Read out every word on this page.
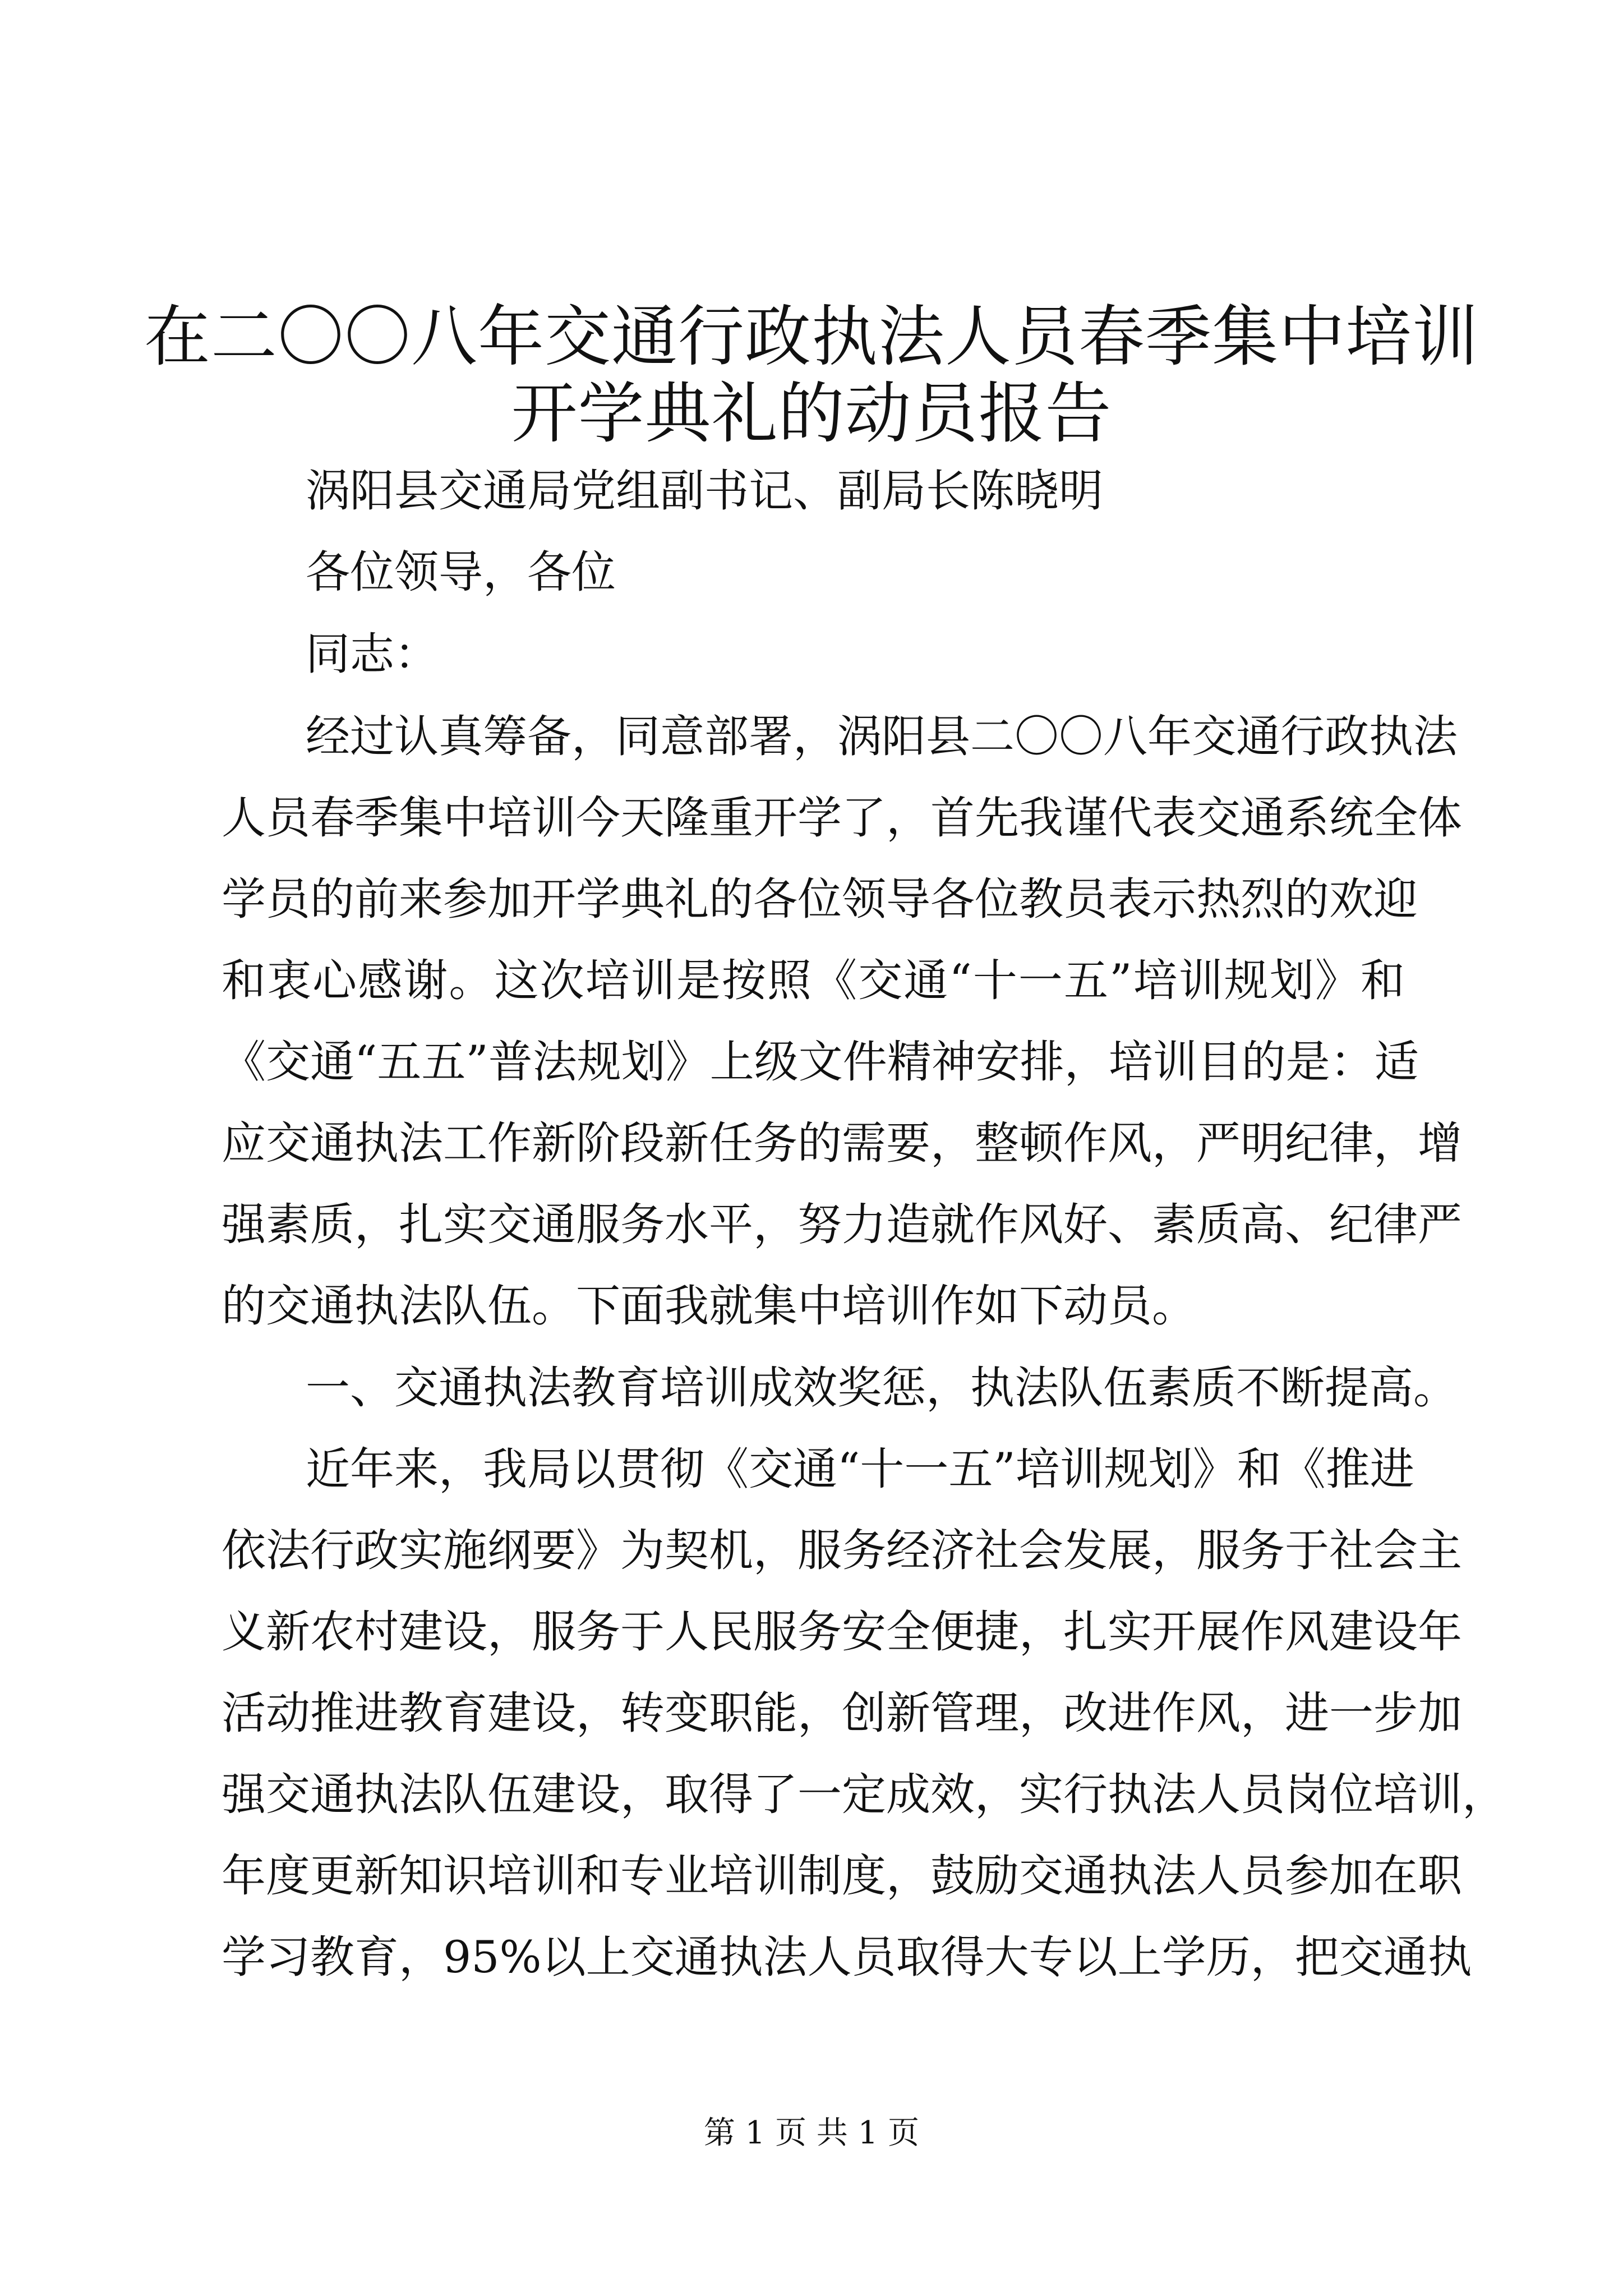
在二〇〇八年交通行政执法人员春季集中培训
开学典礼的动员报告

涡阳县交通局党组副书记、副局长陈晓明

各位领导，各位

同志：

经过认真筹备，同意部署，涡阳县二〇〇八年交通行政执法

人员春季集中培训今天隆重开学了，首先我谨代表交通系统全体

学员的前来参加开学典礼的各位领导各位教员表示热烈的欢迎

和衷心感谢。这次培训是按照《交通“十一五”培训规划》和

《交通“五五”普法规划》上级文件精神安排，培训目的是：适

应交通执法工作新阶段新任务的需要，整顿作风，严明纪律，增

强素质，扎实交通服务水平，努力造就作风好、素质高、纪律严

的交通执法队伍。下面我就集中培训作如下动员。

一、交通执法教育培训成效奖惩，执法队伍素质不断提高。

近年来，我局以贯彻《交通“十一五”培训规划》和《推进

依法行政实施纲要》为契机，服务经济社会发展，服务于社会主

义新农村建设，服务于人民服务安全便捷，扎实开展作风建设年

活动推进教育建设，转变职能，创新管理，改进作风，进一步加

强交通执法队伍建设，取得了一定成效，实行执法人员岗位培训，

年度更新知识培训和专业培训制度，鼓励交通执法人员参加在职

学习教育，95%以上交通执法人员取得大专以上学历，把交通执

第 1 页 共 1 页
